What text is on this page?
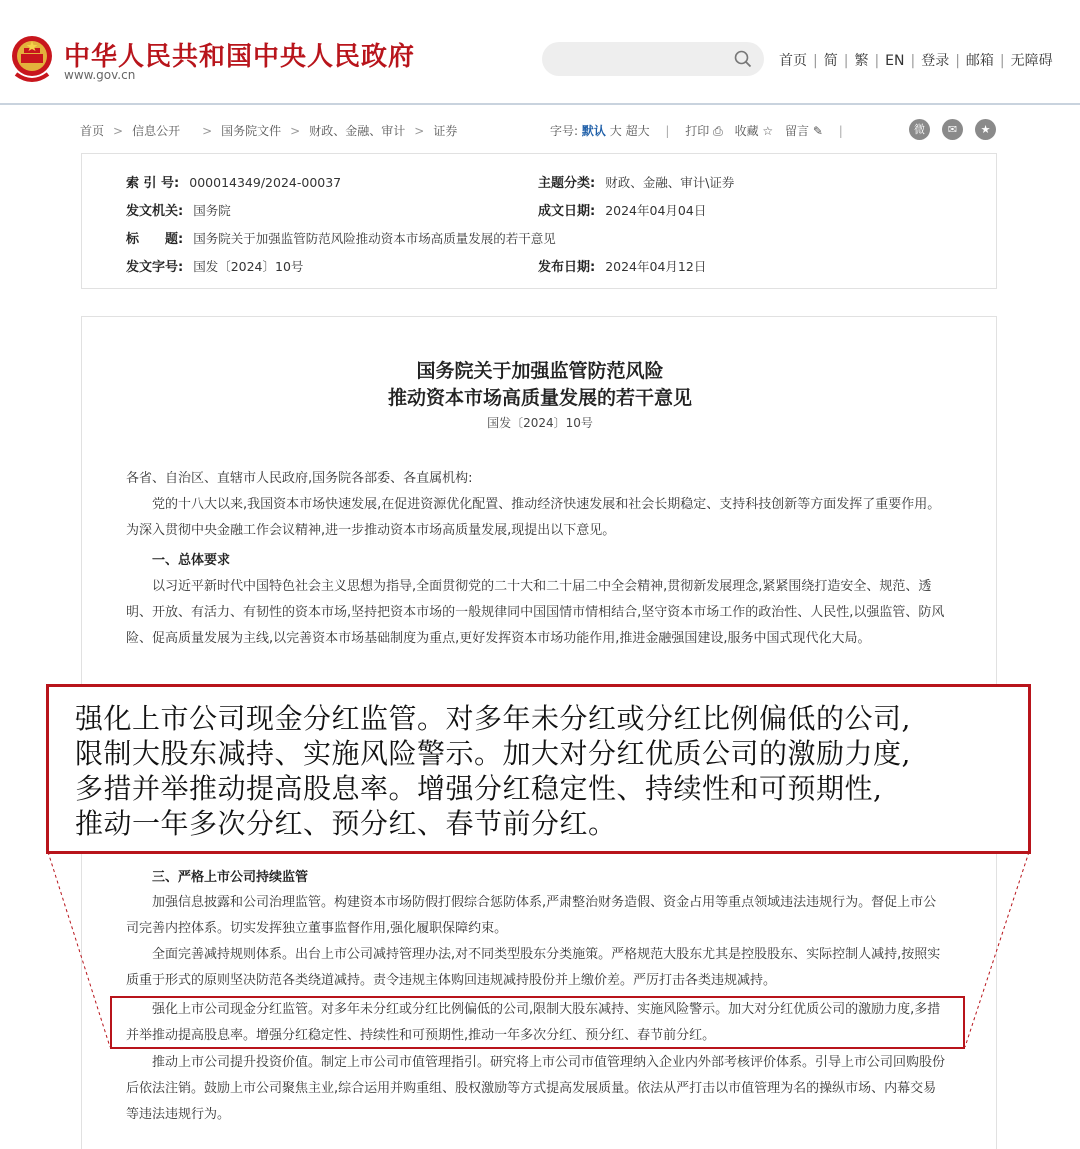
中华人民共和国中央人民政府
www.gov.cn
首页 | 简 | 繁 | EN | 登录 | 邮箱 | 无障碍
首页 > 信息公开 > 国务院文件 > 财政、金融、审计 > 证券	字号: 默认 大 超大 | 打印 ⎙ 收藏 ☆ 留言 ✎ |	微	✉	★
索 引 号: 000014349/2024-00037	主题分类: 财政、金融、审计\证券
发文机关: 国务院	成文日期: 2024年04月04日
标　　题: 国务院关于加强监管防范风险推动资本市场高质量发展的若干意见
发文字号: 国发〔2024〕10号	发布日期: 2024年04月12日
国务院关于加强监管防范风险
推动资本市场高质量发展的若干意见
国发〔2024〕10号
各省、自治区、直辖市人民政府,国务院各部委、各直属机构:
党的十八大以来,我国资本市场快速发展,在促进资源优化配置、推动经济快速发展和社会长期稳定、支持科技创新等方面发挥了重要作用。为深入贯彻中央金融工作会议精神,进一步推动资本市场高质量发展,现提出以下意见。
一、总体要求
以习近平新时代中国特色社会主义思想为指导,全面贯彻党的二十大和二十届二中全会精神,贯彻新发展理念,紧紧围绕打造安全、规范、透明、开放、有活力、有韧性的资本市场,坚持把资本市场的一般规律同中国国情市情相结合,坚守资本市场工作的政治性、人民性,以强监管、防风险、促高质量发展为主线,以完善资本市场基础制度为重点,更好发挥资本市场功能作用,推进金融强国建设,服务中国式现代化大局。
三、严格上市公司持续监管
加强信息披露和公司治理监管。构建资本市场防假打假综合惩防体系,严肃整治财务造假、资金占用等重点领域违法违规行为。督促上市公司完善内控体系。切实发挥独立董事监督作用,强化履职保障约束。
全面完善减持规则体系。出台上市公司减持管理办法,对不同类型股东分类施策。严格规范大股东尤其是控股股东、实际控制人减持,按照实质重于形式的原则坚决防范各类绕道减持。责令违规主体购回违规减持股份并上缴价差。严厉打击各类违规减持。
强化上市公司现金分红监管。对多年未分红或分红比例偏低的公司,限制大股东减持、实施风险警示。加大对分红优质公司的激励力度,多措并举推动提高股息率。增强分红稳定性、持续性和可预期性,推动一年多次分红、预分红、春节前分红。
推动上市公司提升投资价值。制定上市公司市值管理指引。研究将上市公司市值管理纳入企业内外部考核评价体系。引导上市公司回购股份后依法注销。鼓励上市公司聚焦主业,综合运用并购重组、股权激励等方式提高发展质量。依法从严打击以市值管理为名的操纵市场、内幕交易等违法违规行为。
强化上市公司现金分红监管。对多年未分红或分红比例偏低的公司,
限制大股东减持、实施风险警示。加大对分红优质公司的激励力度,
多措并举推动提高股息率。增强分红稳定性、持续性和可预期性,
推动一年多次分红、预分红、春节前分红。
